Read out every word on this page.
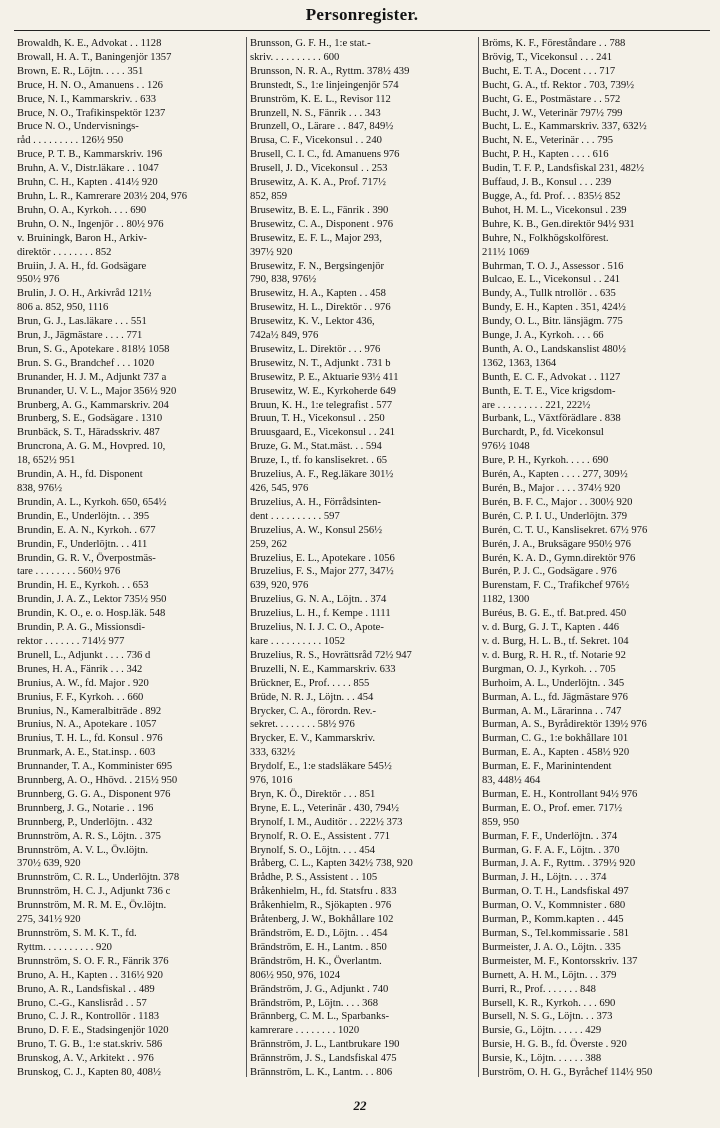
Personregister.

Browaldh, K. E., Advokat . . 1128

Browall, H. A. T., Baningenjör 1357

Brown, E. R., Löjtn. . . . . 351

Bruce, H. N. O., Amanuens . . 126

Bruce, N. I., Kammarskriv. . 633

Bruce, N. O., Trafikinspektör 1237

Bruce N. O., Undervisnings-

råd . . . . . . . . . 126½ 950

Bruce, P. T. B., Kammarskriv. 196

Bruhn, A. V., Distr.läkare . . 1047

Bruhn, C. H., Kapten . 414½ 920

Bruhn, L. R., Kamrerare 203½ 204, 976

Bruhn, O. A., Kyrkoh. . . . 690

Bruhn, O. N., Ingenjör . . 80½ 976

v. Bruiningk, Baron H., Arkiv-

direktör . . . . . . . . 852

Bruiin, J. A. H., fd. Godsägare

950½ 976

Brulin, J. O. H., Arkivråd 121½

806 a. 852, 950, 1116

Brun, G. J., Las.läkare . . . 551

Brun, J., Jägmästare . . . . 771

Brun, S. G., Apotekare . 818½ 1058

Brun. S. G., Brandchef . . . 1020

Brunander, H. J. M., Adjunkt 737 a

Brunander, U. V. L., Major 356½ 920

Brunberg, A. G., Kammarskriv. 204

Brunberg, S. E., Godsägare . 1310

Brunbäck, S. T., Häradsskriv. 487

Bruncrona, A. G. M., Hovpred. 10,

18, 652½ 951

Brundin, A. H., fd. Disponent

838, 976½

Brundin, A. L., Kyrkoh. 650, 654½

Brundin, E., Underlöjtn. . . 395

Brundin, E. A. N., Kyrkoh. . 677

Brundin, F., Underlöjtn. . . 411

Brundin, G. R. V., Överpostmäs-

tare . . . . . . . . 560½ 976

Brundin, H. E., Kyrkoh. . . 653

Brundin, J. A. Z., Lektor 735½ 950

Brundin, K. O., e. o. Hosp.läk. 548

Brundin, P. A. G., Missionsdi-

rektor . . . . . . . 714½ 977

Brunell, L., Adjunkt . . . . 736 d

Brunes, H. A., Fänrik . . . 342

Brunius, A. W., fd. Major . 920

Brunius, F. F., Kyrkoh. . . 660

Brunius, N., Kameralbiträde . 892

Brunius, N. A., Apotekare . 1057

Brunius, T. H. L., fd. Konsul . 976

Brunmark, A. E., Stat.insp. . 603

Brunnander, T. A., Komminister 695

Brunnberg, A. O., Hhövd. . 215½ 950

Brunnberg, G. G. A., Disponent 976

Brunnberg, J. G., Notarie . . 196

Brunnberg, P., Underlöjtn. . 432

Brunnström, A. R. S., Löjtn. . 375

Brunnström, A. V. L., Öv.löjtn.

370½ 639, 920

Brunnström, C. R. L., Underlöjtn. 378

Brunnström, H. C. J., Adjunkt 736 c

Brunnström, M. R. M. E., Öv.löjtn.

275, 341½ 920

Brunnström, S. M. K. T., fd.

Ryttm. . . . . . . . . . 920

Brunnström, S. O. F. R., Fänrik 376

Bruno, A. H., Kapten . . 316½ 920

Bruno, A. R., Landsfiskal . . 489

Bruno, C.-G., Kanslisråd . . 57

Bruno, C. J. R., Kontrollör . 1183

Bruno, D. F. E., Stadsingenjör 1020

Bruno, T. G. B., 1:e stat.skriv. 586

Brunskog, A. V., Arkitekt . . 976

Brunskog, C. J., Kapten 80, 408½

Brunsson, G. F. H., 1:e stat.-

skriv. . . . . . . . . . 600

Brunsson, N. R. A., Ryttm. 378½ 439

Brunstedt, S., 1:e linjeingenjör 574

Brunström, K. E. L., Revisor 112

Brunzell, N. S., Fänrik . . . 343

Brunzell, O., Lärare . . 847, 849½

Brusa, C. F., Vicekonsul . . 240

Brusell, C. I. C., fd. Amanuens 976

Brusell, J. D., Vicekonsul . . 253

Brusewitz, A. K. A., Prof. 717½

852, 859

Brusewitz, B. E. L., Fänrik . 390

Brusewitz, C. A., Disponent . 976

Brusewitz, E. F. L., Major 293,

397½ 920

Brusewitz, F. N., Bergsingenjör

790, 838, 976½

Brusewitz, H. A., Kapten . . 458

Brusewitz, H. L., Direktör . . 976

Brusewitz, K. V., Lektor 436,

742a½ 849, 976

Brusewitz, L. Direktör . . . 976

Brusewitz, N. T., Adjunkt . 731 b

Brusewitz, P. E., Aktuarie 93½ 411

Brusewitz, W. E., Kyrkoherde 649

Bruun, K. H., 1:e telegrafist . 577

Bruun, T. H., Vicekonsul . . 250

Bruusgaard, E., Vicekonsul . . 241

Bruze, G. M., Stat.mäst. . . 594

Bruze, I., tf. fo kanslisekret. . 65

Bruzelius, A. F., Reg.läkare 301½

426, 545, 976

Bruzelius, A. H., Förrådsinten-

dent . . . . . . . . . . 597

Bruzelius, A. W., Konsul 256½

259, 262

Bruzelius, E. L., Apotekare . 1056

Bruzelius, F. S., Major 277, 347½

639, 920, 976

Bruzelius, G. N. A., Löjtn. . 374

Bruzelius, L. H., f. Kempe . 1111

Bruzelius, N. I. J. C. O., Apote-

kare . . . . . . . . . . 1052

Bruzelius, R. S., Hovrättsråd 72½ 947

Bruzelli, N. E., Kammarskriv. 633

Brückner, E., Prof. . . . . 855

Brüde, N. R. J., Löjtn. . . 454

Brycker, C. A., förordn. Rev.-

sekret. . . . . . . . 58½ 976

Brycker, E. V., Kammarskriv.

333, 632½

Brydolf, E., 1:e stadsläkare 545½

976, 1016

Bryn, K. Ö., Direktör . . . 851

Bryne, E. L., Veterinär . 430, 794½

Brynolf, I. M., Auditör . . 222½ 373

Brynolf, R. O. E., Assistent . 771

Brynolf, S. O., Löjtn. . . . 454

Bråberg, C. L., Kapten 342½ 738, 920

Brådhe, P. S., Assistent . . 105

Bråkenhielm, H., fd. Statsfru . 833

Bråkenhielm, R., Sjökapten . 976

Bråtenberg, J. W., Bokhållare 102

Brändström, E. D., Löjtn. . . 454

Brändström, E. H., Lantm. . 850

Brändström, H. K., Överlantm.

806½ 950, 976, 1024

Brändström, J. G., Adjunkt . 740

Brändström, P., Löjtn. . . . 368

Brännberg, C. M. L., Sparbanks-

kamrerare . . . . . . . . 1020

Brännström, J. L., Lantbrukare 190

Brännström, J. S., Landsfiskal 475

Brännström, L. K., Lantm. . . 806

Bröms, K. F., Föreståndare . . 788

Brövig, T., Vicekonsul . . . 241

Bucht, E. T. A., Docent . . . 717

Bucht, G. A., tf. Rektor . 703, 739½

Bucht, G. E., Postmästare . . 572

Bucht, J. W., Veterinär 797½ 799

Bucht, L. E., Kammarskriv. 337, 632½

Bucht, N. E., Veterinär . . . 795

Bucht, P. H., Kapten . . . . 616

Budin, T. F. P., Landsfiskal 231, 482½

Buffaud, J. B., Konsul . . . 239

Bugge, A., fd. Prof. . . 835½ 852

Buhot, H. M. L., Vicekonsul . 239

Buhre, K. B., Gen.direktör 94½ 931

Buhre, N., Folkhögskolförest.

211½ 1069

Buhrman, T. O. J., Assessor . 516

Bulcao, E. L., Vicekonsul . . 241

Bundy, A., Tullk ntrollör . . 635

Bundy, E. H., Kapten . 351, 424½

Bundy, O. L., Bitr. länsjägm. 775

Bunge, J. A., Kyrkoh. . . . 66

Bunth, A. O., Landskanslist 480½

1362, 1363, 1364

Bunth, E. C. F., Advokat . . 1127

Bunth, E. T. E., Vice krigsdom-

are . . . . . . . . . 221, 222½

Burbank, L., Växtförädlare . 838

Burchardt, P., fd. Vicekonsul

976½ 1048

Bure, P. H., Kyrkoh. . . . . 690

Burén, A., Kapten . . . . 277, 309½

Burén, B., Major . . . . 374½ 920

Burén, B. F. C., Major . . 300½ 920

Burén, C. P. I. U., Underlöjtn. 379

Burén, C. T. U., Kanslisekret. 67½ 976

Burén, J. A., Bruksägare 950½ 976

Burén, K. A. D., Gymn.direktör 976

Burén, P. J. C., Godsägare . 976

Burenstam, F. C., Trafikchef 976½

1182, 1300

Buréus, B. G. E., tf. Bat.pred. 450

v. d. Burg, G. J. T., Kapten . 446

v. d. Burg, H. L. B., tf. Sekret. 104

v. d. Burg, R. H. R., tf. Notarie 92

Burgman, O. J., Kyrkoh. . . 705

Burhoim, A. L., Underlöjtn. . 345

Burman, A. L., fd. Jägmästare 976

Burman, A. M., Lärarinna . . 747

Burman, A. S., Byrådirektör 139½ 976

Burman, C. G., 1:e bokhållare 101

Burman, E. A., Kapten . 458½ 920

Burman, E. F., Marinintendent

83, 448½ 464

Burman, E. H., Kontrollant 94½ 976

Burman, E. O., Prof. emer. 717½

859, 950

Burman, F. F., Underlöjtn. . 374

Burman, G. F. A. F., Löjtn. . 370

Burman, J. A. F., Ryttm. . 379½ 920

Burman, J. H., Löjtn. . . . 374

Burman, O. T. H., Landsfiskal 497

Burman, O. V., Kommnister . 680

Burman, P., Komm.kapten . . 445

Burman, S., Tel.kommissarie . 581

Burmeister, J. A. O., Löjtn. . 335

Burmeister, M. F., Kontorsskriv. 137

Burnett, A. H. M., Löjtn. . . 379

Burri, R., Prof. . . . . . . 848

Bursell, K. R., Kyrkoh. . . . 690

Bursell, N. S. G., Löjtn. . . 373

Bursie, G., Löjtn. . . . . . 429

Bursie, H. G. B., fd. Överste . 920

Bursie, K., Löjtn. . . . . . 388

Burström, O. H. G., Byråchef 114½ 950

22
